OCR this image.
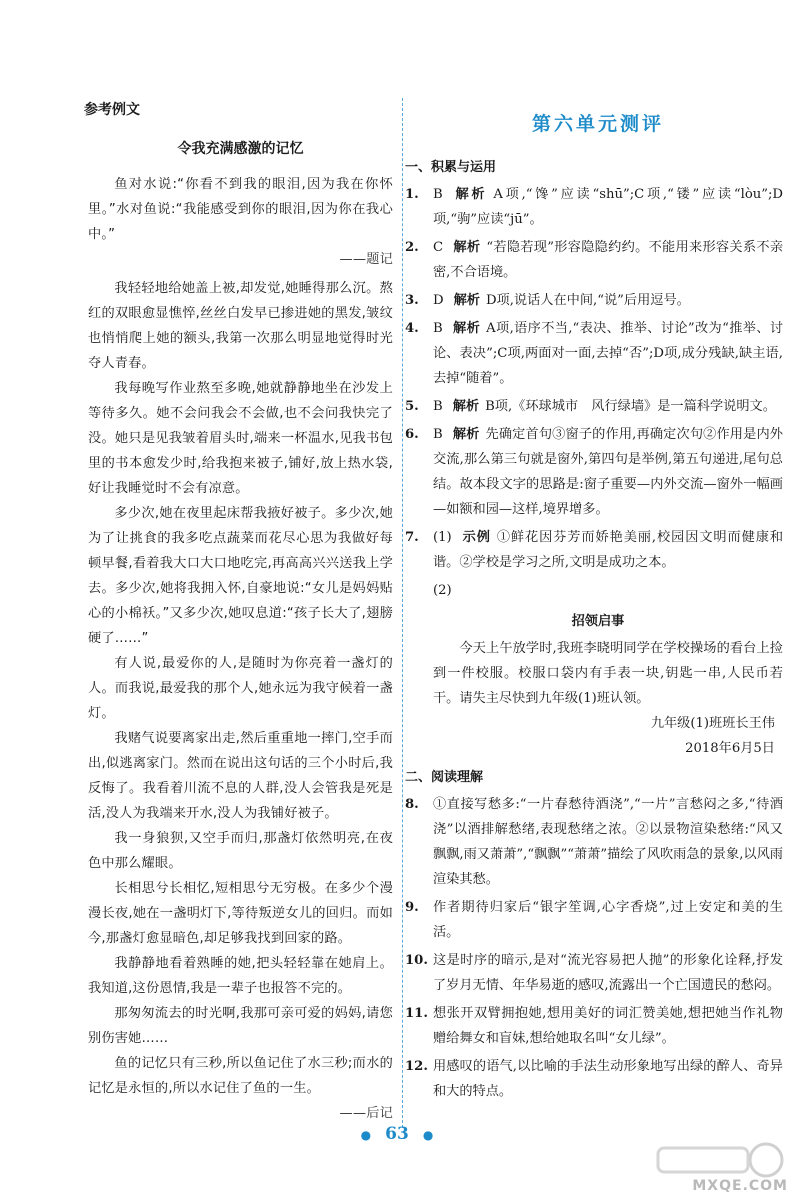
参考例文
令我充满感激的记忆

鱼对水说:“你看不到我的眼泪,因为我在你怀里。”水对鱼说:“我能感受到你的眼泪,因为你在我心中。”

——题记

我轻轻地给她盖上被,却发觉,她睡得那么沉。熬红的双眼愈显憔悴,丝丝白发早已掺进她的黑发,皱纹也悄悄爬上她的额头,我第一次那么明显地觉得时光夺人青春。

我每晚写作业熬至多晚,她就静静地坐在沙发上等待多久。她不会问我会不会做,也不会问我快完了没。她只是见我皱着眉头时,端来一杯温水,见我书包里的书本愈发少时,给我抱来被子,铺好,放上热水袋,好让我睡觉时不会有凉意。

多少次,她在夜里起床帮我掖好被子。多少次,她为了让挑食的我多吃点蔬菜而花尽心思为我做好每顿早餐,看着我大口大口地吃完,再高高兴兴送我上学去。多少次,她将我拥入怀,自豪地说:“女儿是妈妈贴心的小棉袄。”又多少次,她叹息道:“孩子长大了,翅膀硬了……”

有人说,最爱你的人,是随时为你亮着一盏灯的人。而我说,最爱我的那个人,她永远为我守候着一盏灯。

我赌气说要离家出走,然后重重地一摔门,空手而出,似逃离家门。然而在说出这句话的三个小时后,我反悔了。我看着川流不息的人群,没人会管我是死是活,没人为我端来开水,没人为我铺好被子。

我一身狼狈,又空手而归,那盏灯依然明亮,在夜色中那么耀眼。

长相思兮长相忆,短相思兮无穷极。在多少个漫漫长夜,她在一盏明灯下,等待叛逆女儿的回归。而如今,那盏灯愈显暗色,却足够我找到回家的路。

我静静地看着熟睡的她,把头轻轻靠在她肩上。我知道,这份恩情,我是一辈子也报答不完的。

那匆匆流去的时光啊,我那可亲可爱的妈妈,请您别伤害她……

鱼的记忆只有三秒,所以鱼记住了水三秒;而水的记忆是永恒的,所以水记住了鱼的一生。

——后记

第六单元测评
一、积累与运用
1. B 解析 A项,“馋”应读“shū”;C项,“镂”应读“lòu”;D项,“驹”应读“jū”。
2. C 解析 “若隐若现”形容隐隐约约。不能用来形容关系不亲密,不合语境。
3. D 解析 D项,说话人在中间,“说”后用逗号。
4. B 解析 A项,语序不当,“表决、推举、讨论”改为“推举、讨论、表决”;C项,两面对一面,去掉“否”;D项,成分残缺,缺主语,去掉“随着”。
5. B 解析 B项,《环球城市　风行绿墙》是一篇科学说明文。
6. B 解析 先确定首句③窗子的作用,再确定次句②作用是内外交流,那么第三句就是窗外,第四句是举例,第五句递进,尾句总结。故本段文字的思路是:窗子重要—内外交流—窗外一幅画—如额和园—这样,境界增多。
7. (1) 示例 ①鲜花因芬芳而娇艳美丽,校园因文明而健康和谐。②学校是学习之所,文明是成功之本。
(2)
招领启事

今天上午放学时,我班李晓明同学在学校操场的看台上捡到一件校服。校服口袋内有手表一块,钥匙一串,人民币若干。请失主尽快到九年级(1)班认领。

九年级(1)班班长王伟

2018年6月5日

二、阅读理解
8. ①直接写愁多:“一片春愁待酒浇”,“一片”言愁闷之多,“待酒浇”以酒排解愁绪,表现愁绪之浓。②以景物渲染愁绪:“风又飘飘,雨又萧萧”,“飘飘”“萧萧”描绘了风吹雨急的景象,以风雨渲染其愁。
9. 作者期待归家后“银字笙调,心字香烧”,过上安定和美的生活。
10. 这是时序的暗示,是对“流光容易把人抛”的形象化诠释,抒发了岁月无情、年华易逝的感叹,流露出一个亡国遗民的愁闷。
11. 想张开双臂拥抱她,想用美好的词汇赞美她,想把她当作礼物赠给舞女和盲妹,想给她取名叫“女儿绿”。
12. 用感叹的语气,以比喻的手法生动形象地写出绿的醉人、奇异和大的特点。
● 63 ●
MXQE.COM
